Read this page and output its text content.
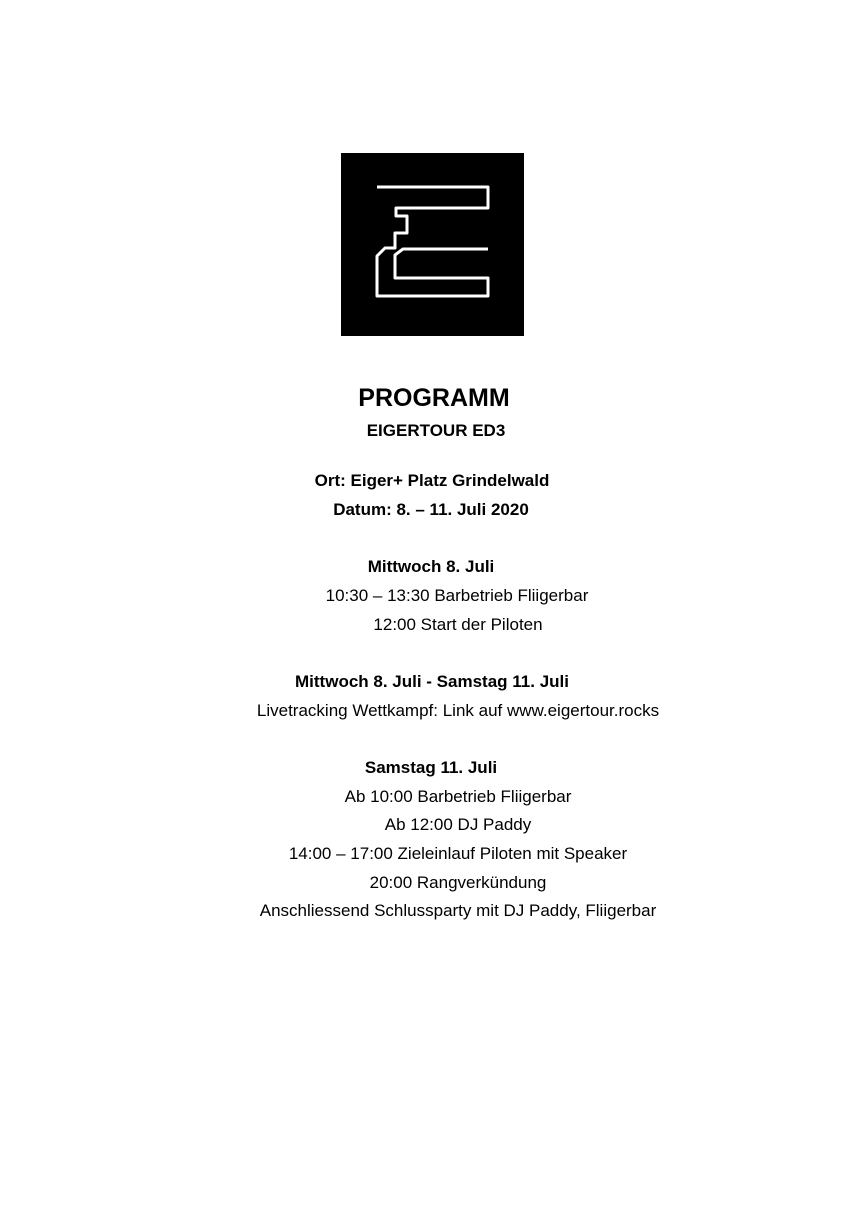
PROGRAMM
EIGERTOUR ED3
Ort: Eiger+ Platz Grindelwald
Datum: 8. – 11. Juli 2020
Mittwoch 8. Juli
10:30 – 13:30 Barbetrieb Fliigerbar
12:00 Start der Piloten
Mittwoch 8. Juli - Samstag 11. Juli
Livetracking Wettkampf: Link auf www.eigertour.rocks
Samstag 11. Juli
Ab 10:00 Barbetrieb Fliigerbar
Ab 12:00 DJ Paddy
14:00 – 17:00 Zieleinlauf Piloten mit Speaker
20:00 Rangverkündung
Anschliessend Schlussparty mit DJ Paddy, Fliigerbar
